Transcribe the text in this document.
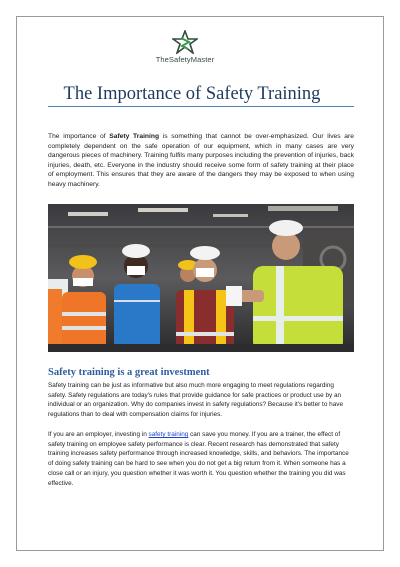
TheSafetyMaster
The Importance of Safety Training
The importance of Safety Training is something that cannot be over-emphasized. Our lives are completely dependent on the safe operation of our equipment, which in many cases are very dangerous pieces of machinery. Training fulfils many purposes including the prevention of injuries, back injuries, death, etc. Everyone in the industry should receive some form of safety training at their place of employment. This ensures that they are aware of the dangers they may be exposed to when using heavy machinery.
Safety training is a great investment
Safety training can be just as informative but also much more engaging to meet regulations regarding safety. Safety regulations are today's rules that provide guidance for safe practices or product use by an individual or an organization. Why do companies invest in safety regulations? Because it's better to have regulations than to deal with compensation claims for injuries.
If you are an employer, investing in safety training can save you money. If you are a trainer, the effect of safety training on employee safety performance is clear. Recent research has demonstrated that safety training increases safety performance through increased knowledge, skills, and behaviors. The importance of doing safety training can be hard to see when you do not get a big return from it. When someone has a close call or an injury, you question whether it was worth it. You question whether the training you did was effective.
